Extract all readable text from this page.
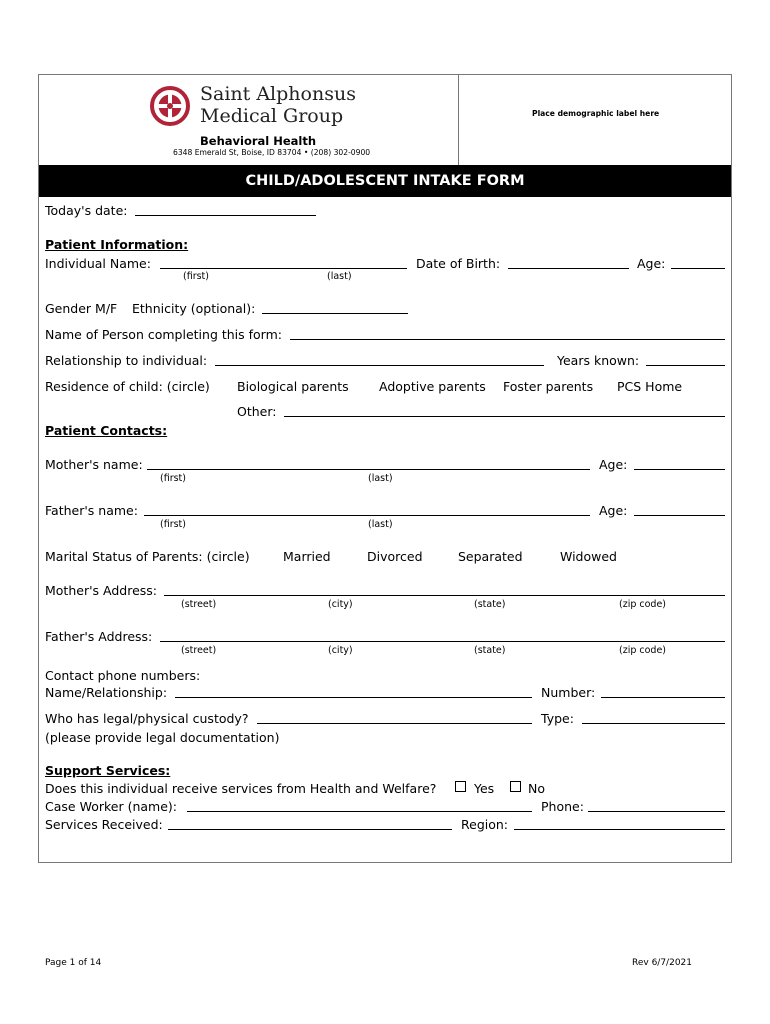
Saint Alphonsus
Medical Group
Behavioral Health
6348 Emerald St, Boise, ID 83704 • (208) 302-0900
Place demographic label here
CHILD/ADOLESCENT INTAKE FORM
Today's date:
Patient Information:
Individual Name:
(first)	(last)
Date of Birth:	Age:
Gender M/F Ethnicity (optional):
Name of Person completing this form:
Relationship to individual:	Years known:
Residence of child: (circle) Biological parents Adoptive parents Foster parents PCS Home
Other:
Patient Contacts:
Mother's name:
(first)	(last)
Age:
Father's name:
(first)	(last)
Age:
Marital Status of Parents: (circle)	Married	Divorced	Separated	Widowed
Mother's Address:
(street)	(city)	(state)	(zip code)
Father's Address:
(street)	(city)	(state)	(zip code)
Contact phone numbers:
Name/Relationship:	Number:
Who has legal/physical custody?	Type:
(please provide legal documentation)
Support Services:
Does this individual receive services from Health and Welfare?	Yes	No
Case Worker (name):	Phone:
Services Received:	Region:
Page 1 of 14	Rev 6/7/2021
